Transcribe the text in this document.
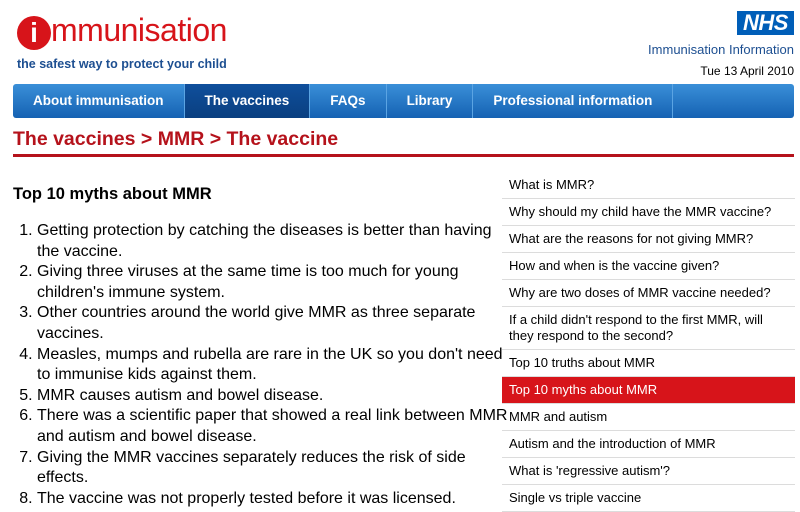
i mmunisation
the safest way to protect your child
NHS
Immunisation Information
Tue 13 April 2010
About immunisation	The vaccines	FAQs	Library	Professional information
The vaccines > MMR > The vaccine
Top 10 myths about MMR
1. Getting protection by catching the diseases is better than having the vaccine.
2. Giving three viruses at the same time is too much for young children's immune system.
3. Other countries around the world give MMR as three separate vaccines.
4. Measles, mumps and rubella are rare in the UK so you don't need to immunise kids against them.
5. MMR causes autism and bowel disease.
6. There was a scientific paper that showed a real link between MMR and autism and bowel disease.
7. Giving the MMR vaccines separately reduces the risk of side effects.
8. The vaccine was not properly tested before it was licensed.
What is MMR?
Why should my child have the MMR vaccine?
What are the reasons for not giving MMR?
How and when is the vaccine given?
Why are two doses of MMR vaccine needed?
If a child didn't respond to the first MMR, will they respond to the second?
Top 10 truths about MMR
Top 10 myths about MMR
MMR and autism
Autism and the introduction of MMR
What is 'regressive autism'?
Single vs triple vaccine
